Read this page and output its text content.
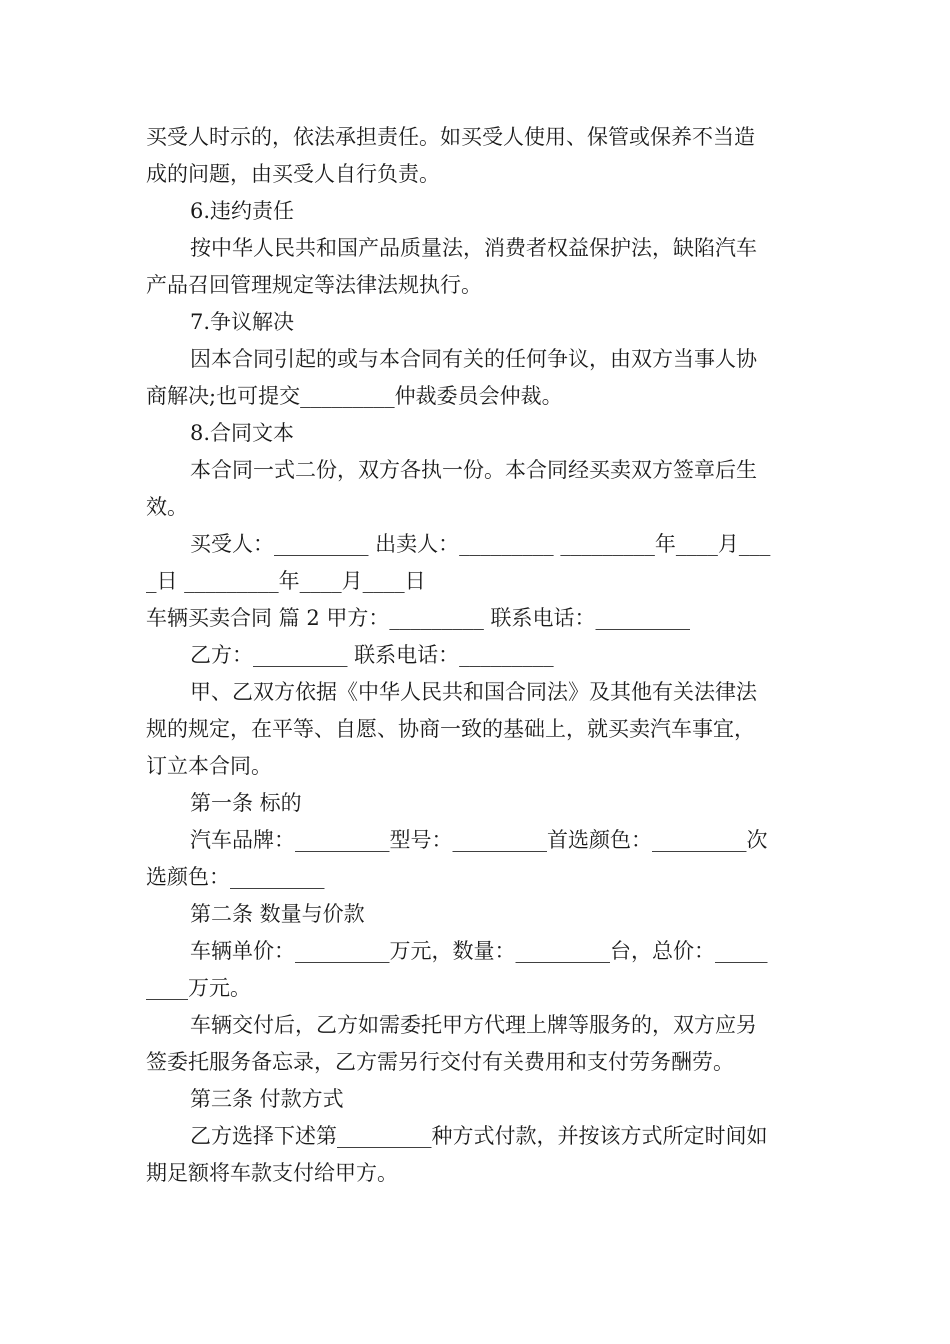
买受人时示的，依法承担责任。如买受人使用、保管或保养不当造
成的问题，由买受人自行负责。
6.违约责任
按中华人民共和国产品质量法，消费者权益保护法，缺陷汽车
产品召回管理规定等法律法规执行。
7.争议解决
因本合同引起的或与本合同有关的任何争议，由双方当事人协
商解决;也可提交_________仲裁委员会仲裁。
8.合同文本
本合同一式二份，双方各执一份。本合同经买卖双方签章后生
效。
买受人：_________ 出卖人：_________ _________年____月___
_日 _________年____月____日
车辆买卖合同 篇 2 甲方：_________ 联系电话：_________
乙方：_________ 联系电话：_________
甲、乙双方依据《中华人民共和国合同法》及其他有关法律法
规的规定，在平等、自愿、协商一致的基础上，就买卖汽车事宜，
订立本合同。
第一条 标的
汽车品牌：_________型号：_________首选颜色：_________次
选颜色：_________
第二条 数量与价款
车辆单价：_________万元，数量：_________台，总价：_____
____万元。
车辆交付后，乙方如需委托甲方代理上牌等服务的，双方应另
签委托服务备忘录，乙方需另行交付有关费用和支付劳务酬劳。
第三条 付款方式
乙方选择下述第_________种方式付款，并按该方式所定时间如
期足额将车款支付给甲方。
